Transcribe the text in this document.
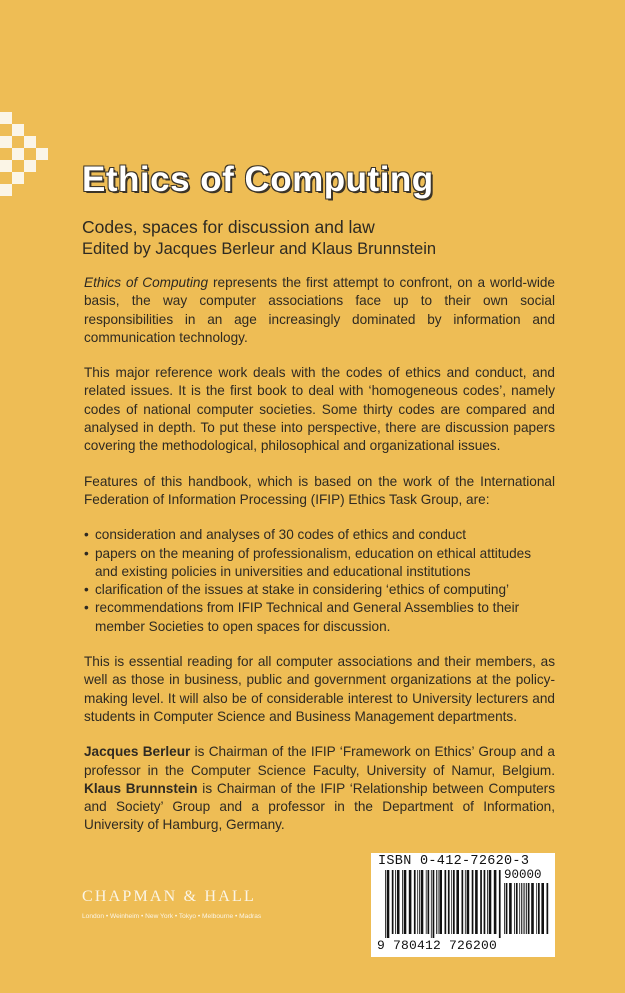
Ethics of Computing
Codes, spaces for discussion and law
Edited by Jacques Berleur and Klaus Brunnstein

Ethics of Computing represents the first attempt to confront, on a world-wide basis, the way computer associations face up to their own social responsibilities in an age increasingly dominated by information and communication technology.

This major reference work deals with the codes of ethics and conduct, and related issues. It is the first book to deal with ‘homogeneous codes’, namely codes of national computer societies. Some thirty codes are compared and analysed in depth. To put these into perspective, there are discussion papers covering the methodological, philosophical and organizational issues.

Features of this handbook, which is based on the work of the International Federation of Information Processing (IFIP) Ethics Task Group, are:

• consideration and analyses of 30 codes of ethics and conduct
• papers on the meaning of professionalism, education on ethical attitudes and existing policies in universities and educational institutions
• clarification of the issues at stake in considering ‘ethics of computing’
• recommendations from IFIP Technical and General Assemblies to their member Societies to open spaces for discussion.

This is essential reading for all computer associations and their members, as well as those in business, public and government organizations at the policy-making level. It will also be of considerable interest to University lecturers and students in Computer Science and Business Management departments.

Jacques Berleur is Chairman of the IFIP ‘Framework on Ethics’ Group and a professor in the Computer Science Faculty, University of Namur, Belgium. Klaus Brunnstein is Chairman of the IFIP ‘Relationship between Computers and Society’ Group and a professor in the Department of Information, University of Hamburg, Germany.

CHAPMAN & HALL
London • Weinheim • New York • Tokyo • Melbourne • Madras
ISBN 0-412-72620-3
90000
9 780412 726200
